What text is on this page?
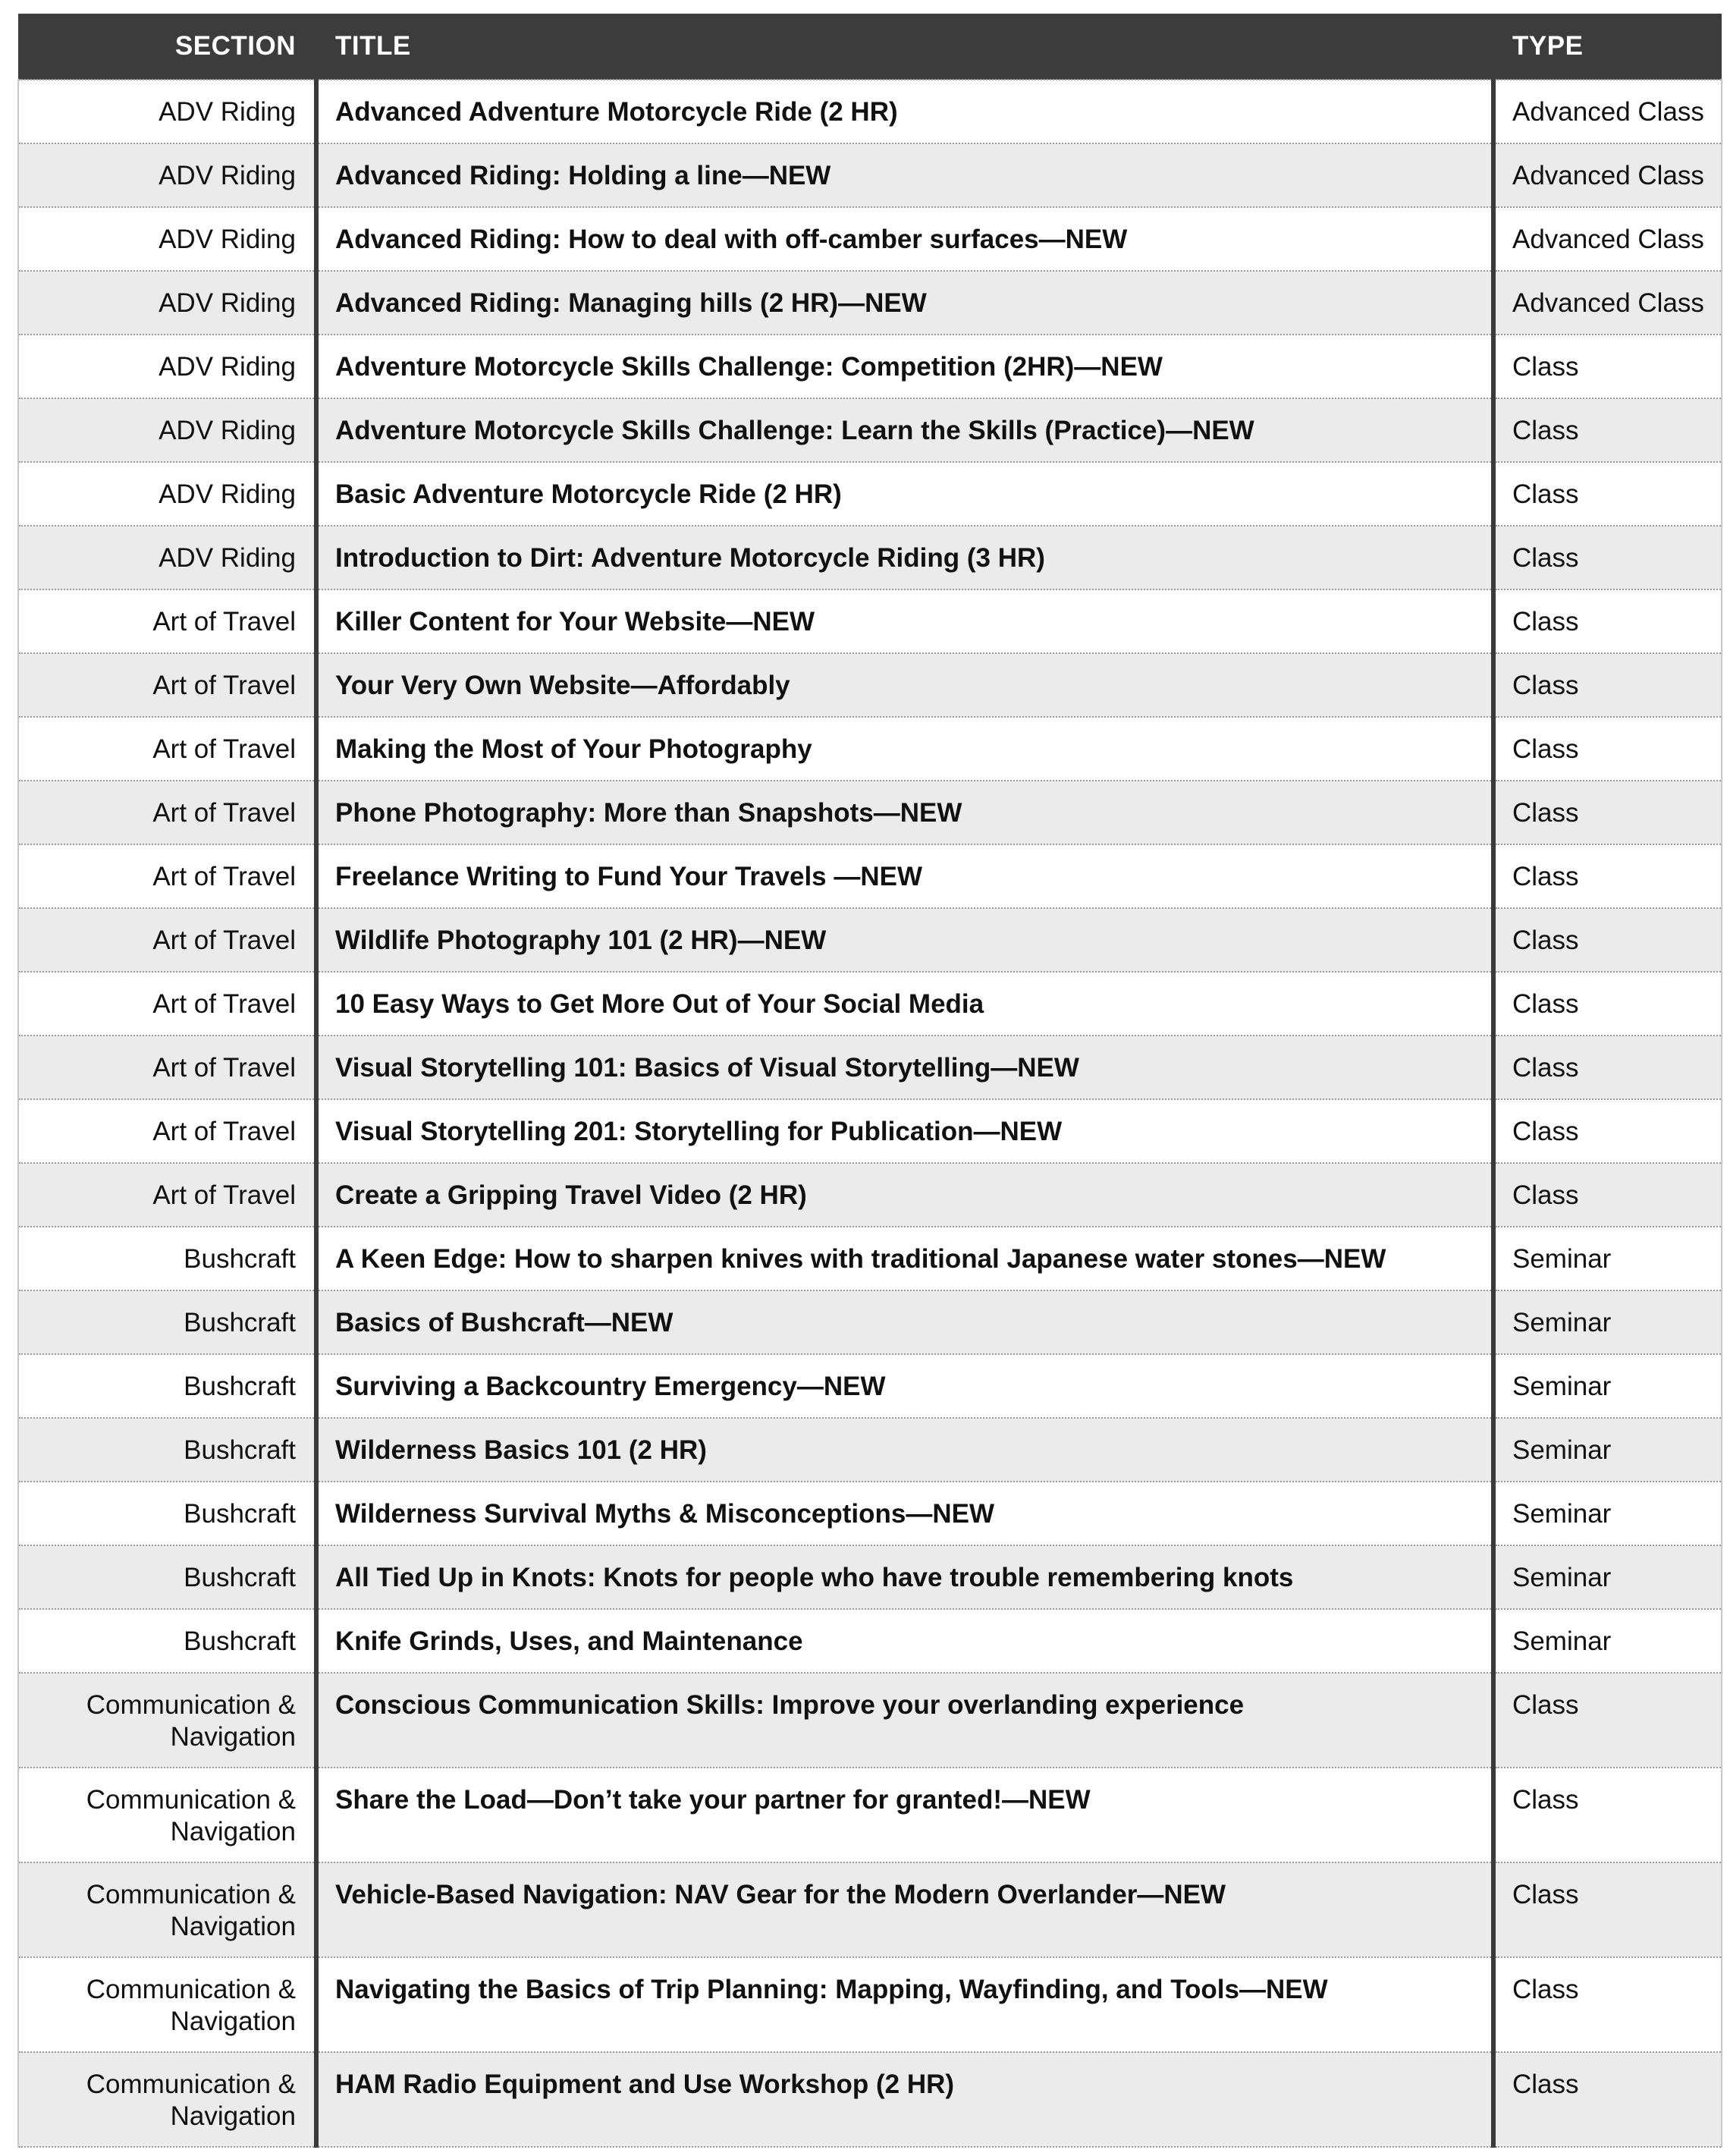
SECTION	TITLE	TYPE
ADV Riding	Advanced Adventure Motorcycle Ride (2 HR)	Advanced Class
ADV Riding	Advanced Riding: Holding a line—NEW	Advanced Class
ADV Riding	Advanced Riding: How to deal with off-camber surfaces—NEW	Advanced Class
ADV Riding	Advanced Riding: Managing hills (2 HR)—NEW	Advanced Class
ADV Riding	Adventure Motorcycle Skills Challenge: Competition (2HR)—NEW	Class
ADV Riding	Adventure Motorcycle Skills Challenge: Learn the Skills (Practice)—NEW	Class
ADV Riding	Basic Adventure Motorcycle Ride (2 HR)	Class
ADV Riding	Introduction to Dirt: Adventure Motorcycle Riding (3 HR)	Class
Art of Travel	Killer Content for Your Website—NEW	Class
Art of Travel	Your Very Own Website—Affordably	Class
Art of Travel	Making the Most of Your Photography	Class
Art of Travel	Phone Photography: More than Snapshots—NEW	Class
Art of Travel	Freelance Writing to Fund Your Travels —NEW	Class
Art of Travel	Wildlife Photography 101 (2 HR)—NEW	Class
Art of Travel	10 Easy Ways to Get More Out of Your Social Media	Class
Art of Travel	Visual Storytelling 101: Basics of Visual Storytelling—NEW	Class
Art of Travel	Visual Storytelling 201: Storytelling for Publication—NEW	Class
Art of Travel	Create a Gripping Travel Video (2 HR)	Class
Bushcraft	A Keen Edge: How to sharpen knives with traditional Japanese water stones—NEW	Seminar
Bushcraft	Basics of Bushcraft—NEW	Seminar
Bushcraft	Surviving a Backcountry Emergency—NEW	Seminar
Bushcraft	Wilderness Basics 101 (2 HR)	Seminar
Bushcraft	Wilderness Survival Myths & Misconceptions—NEW	Seminar
Bushcraft	All Tied Up in Knots: Knots for people who have trouble remembering knots	Seminar
Bushcraft	Knife Grinds, Uses, and Maintenance	Seminar
Communication & Navigation	Conscious Communication Skills: Improve your overlanding experience	Class
Communication & Navigation	Share the Load—Don’t take your partner for granted!—NEW	Class
Communication & Navigation	Vehicle-Based Navigation: NAV Gear for the Modern Overlander—NEW	Class
Communication & Navigation	Navigating the Basics of Trip Planning: Mapping, Wayfinding, and Tools—NEW	Class
Communication & Navigation	HAM Radio Equipment and Use Workshop (2 HR)	Class
